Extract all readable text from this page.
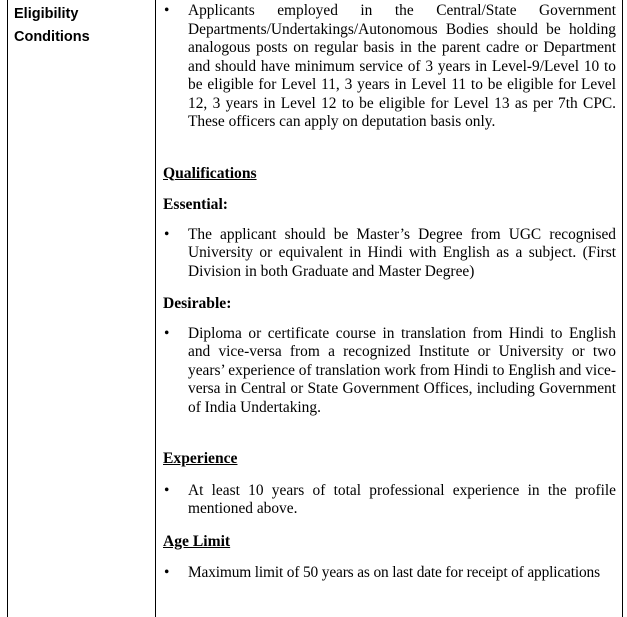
Eligibility Conditions
• Applicants employed in the Central/State Government Departments/Undertakings/Autonomous Bodies should be holding analogous posts on regular basis in the parent cadre or Department and should have minimum service of 3 years in Level-9/Level 10 to be eligible for Level 11, 3 years in Level 11 to be eligible for Level 12, 3 years in Level 12 to be eligible for Level 13 as per 7th CPC. These officers can apply on deputation basis only.
Qualifications
Essential:
• The applicant should be Master’s Degree from UGC recognised University or equivalent in Hindi with English as a subject. (First Division in both Graduate and Master Degree)
Desirable:
• Diploma or certificate course in translation from Hindi to English and vice-versa from a recognized Institute or University or two years’ experience of translation work from Hindi to English and vice-versa in Central or State Government Offices, including Government of India Undertaking.
Experience
• At least 10 years of total professional experience in the profile mentioned above.
Age Limit
• Maximum limit of 50 years as on last date for receipt of applications
